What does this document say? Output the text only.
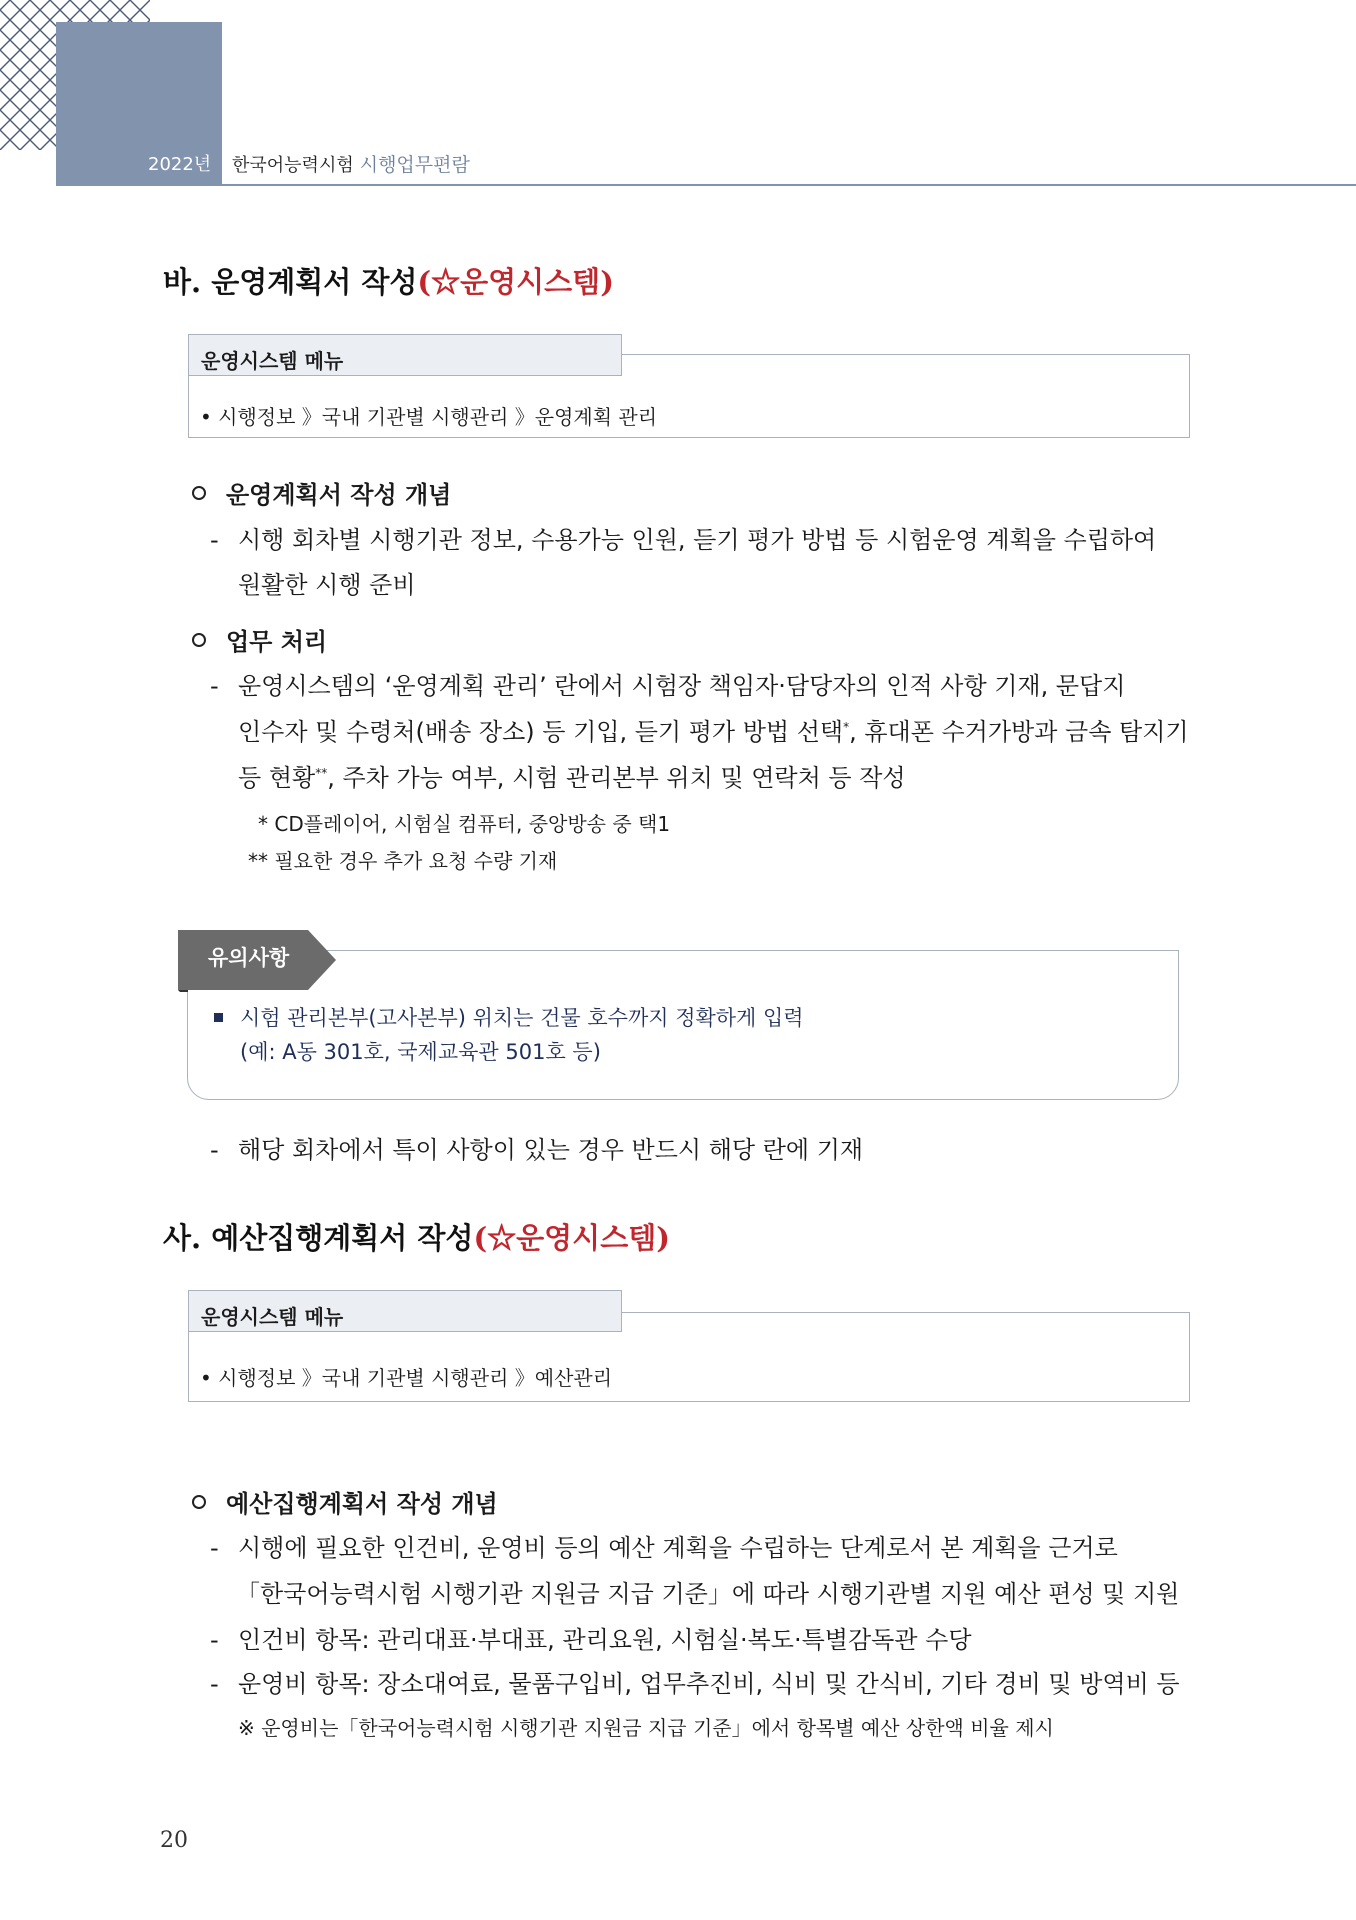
2022년 한국어능력시험 시행업무편람
바. 운영계획서 작성(☆운영시스템)
운영시스템 메뉴
• 시행정보 》국내 기관별 시행관리 》운영계획 관리
운영계획서 작성 개념
- 시행 회차별 시행기관 정보, 수용가능 인원, 듣기 평가 방법 등 시험운영 계획을 수립하여
원활한 시행 준비
업무 처리
- 운영시스템의 ‘운영계획 관리’ 란에서 시험장 책임자·담당자의 인적 사항 기재, 문답지
인수자 및 수령처(배송 장소) 등 기입, 듣기 평가 방법 선택*, 휴대폰 수거가방과 금속 탐지기
등 현황**, 주차 가능 여부, 시험 관리본부 위치 및 연락처 등 작성
* CD플레이어, 시험실 컴퓨터, 중앙방송 중 택1
** 필요한 경우 추가 요청 수량 기재
유의사항
시험 관리본부(고사본부) 위치는 건물 호수까지 정확하게 입력
(예: A동 301호, 국제교육관 501호 등)
- 해당 회차에서 특이 사항이 있는 경우 반드시 해당 란에 기재
사. 예산집행계획서 작성(☆운영시스템)
운영시스템 메뉴
• 시행정보 》국내 기관별 시행관리 》예산관리
예산집행계획서 작성 개념
- 시행에 필요한 인건비, 운영비 등의 예산 계획을 수립하는 단계로서 본 계획을 근거로
「한국어능력시험 시행기관 지원금 지급 기준」에 따라 시행기관별 지원 예산 편성 및 지원
- 인건비 항목: 관리대표·부대표, 관리요원, 시험실·복도·특별감독관 수당
- 운영비 항목: 장소대여료, 물품구입비, 업무추진비, 식비 및 간식비, 기타 경비 및 방역비 등
※ 운영비는「한국어능력시험 시행기관 지원금 지급 기준」에서 항목별 예산 상한액 비율 제시
20
